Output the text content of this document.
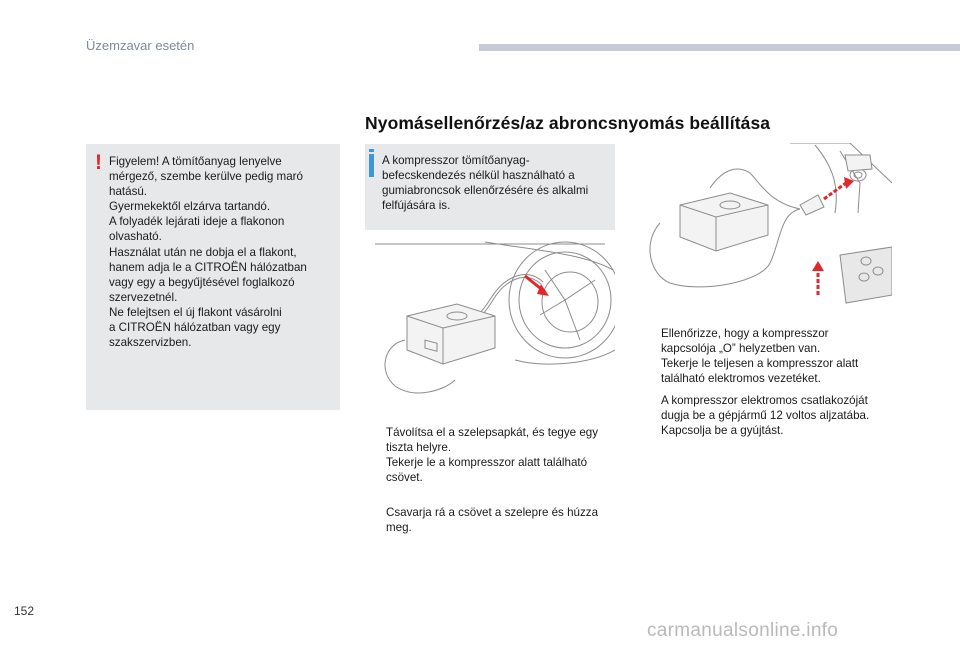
Üzemzavar esetén
Nyomásellenőrzés/az abroncsnyomás beállítása
! Figyelem! A tömítőanyag lenyelve
mérgező, szembe kerülve pedig maró
hatású.
Gyermekektől elzárva tartandó.
A folyadék lejárati ideje a flakonon
olvasható.
Használat után ne dobja el a flakont,
hanem adja le a CITROËN hálózatban
vagy egy a begyűjtésével foglalkozó
szervezetnél.
Ne felejtsen el új flakont vásárolni
a CITROËN hálózatban vagy egy
szakszervizben.
A kompresszor tömítőanyag-
befecskendezés nélkül használható a
gumiabroncsok ellenőrzésére és alkalmi
felfújására is.
Távolítsa el a szelepsapkát, és tegye egy
tiszta helyre.
Tekerje le a kompresszor alatt található
csövet.
Csavarja rá a csövet a szelepre és húzza
meg.
Ellenőrizze, hogy a kompresszor
kapcsolója „O” helyzetben van.
Tekerje le teljesen a kompresszor alatt
található elektromos vezetéket.
A kompresszor elektromos csatlakozóját
dugja be a gépjármű 12 voltos aljzatába.
Kapcsolja be a gyújtást.
152
carmanualsonline.info
